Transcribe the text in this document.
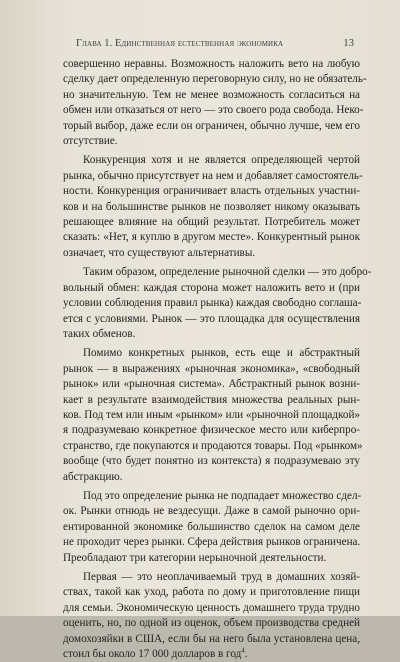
Глава 1. Единственная естественная экономика	13

совершенно неравны. Возможность наложить вето на любую
сделку дает определенную переговорную силу, но не обязатель-
но значительную. Тем не менее возможность согласиться на
обмен или отказаться от него — это своего рода свобода. Неко-
торый выбор, даже если он ограничен, обычно лучше, чем его
отсутствие.

Конкуренция хотя и не является определяющей чертой
рынка, обычно присутствует на нем и добавляет самостоятель-
ности. Конкуренция ограничивает власть отдельных участни-
ков и на большинстве рынков не позволяет никому оказывать
решающее влияние на общий результат. Потребитель может
сказать: «Нет, я куплю в другом месте». Конкурентный рынок
означает, что существуют альтернативы.

Таким образом, определение рыночной сделки — это добро-
вольный обмен: каждая сторона может наложить вето и (при
условии соблюдения правил рынка) каждая свободно соглаша-
ется с условиями. Рынок — это площадка для осуществления
таких обменов.

Помимо конкретных рынков, есть еще и абстрактный
рынок — в выражениях «рыночная экономика», «свободный
рынок» или «рыночная система». Абстрактный рынок возни-
кает в результате взаимодействия множества реальных рын-
ков. Под тем или иным «рынком» или «рыночной площадкой»
я подразумеваю конкретное физическое место или киберпро-
странство, где покупаются и продаются товары. Под «рынком»
вообще (что будет понятно из контекста) я подразумеваю эту
абстракцию.

Под это определение рынка не подпадает множество сдел-
ок. Рынки отнюдь не вездесущи. Даже в самой рыночно ори-
ентированной экономике большинство сделок на самом деле
не проходит через рынки. Сфера действия рынков ограничена.
Преобладают три категории нерыночной деятельности.

Первая — это неоплачиваемый труд в домашних хозяй-
ствах, такой как уход, работа по дому и приготовление пищи
для семьи. Экономическую ценность домашнего труда трудно
оценить, но, по одной из оценок, объем производства средней
домохозяйки в США, если бы на него была установлена цена,
стоил бы около 17 000 долларов в год$^4$.
